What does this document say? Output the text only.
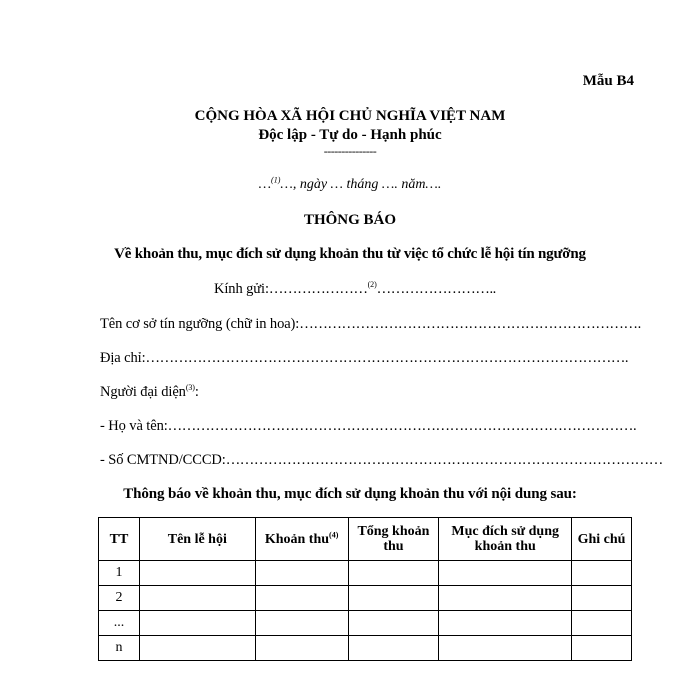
Mẫu B4
CỘNG HÒA XÃ HỘI CHỦ NGHĨA VIỆT NAM
Độc lập - Tự do - Hạnh phúc
---------------
…$^{(1)}$…, ngày … tháng …. năm….
THÔNG BÁO
Về khoản thu, mục đích sử dụng khoản thu từ việc tổ chức lễ hội tín ngưỡng
Kính gửi:…………………$^{(2)}$……………………..
Tên cơ sở tín ngưỡng (chữ in hoa):……………………………………………………………….
Địa chỉ:………………………………………………………………………………………….
Người đại diện$^{(3)}$:
- Họ và tên:……………………………………………………………………………………….
- Số CMTND/CCCD:…………………………………………………………………………………
Thông báo về khoản thu, mục đích sử dụng khoản thu với nội dung sau:
TT	Tên lễ hội	Khoản thu$^{(4)}$	Tổng khoản
thu	Mục đích sử dụng
khoản thu	Ghi chú
1					
2					
...					
n					
